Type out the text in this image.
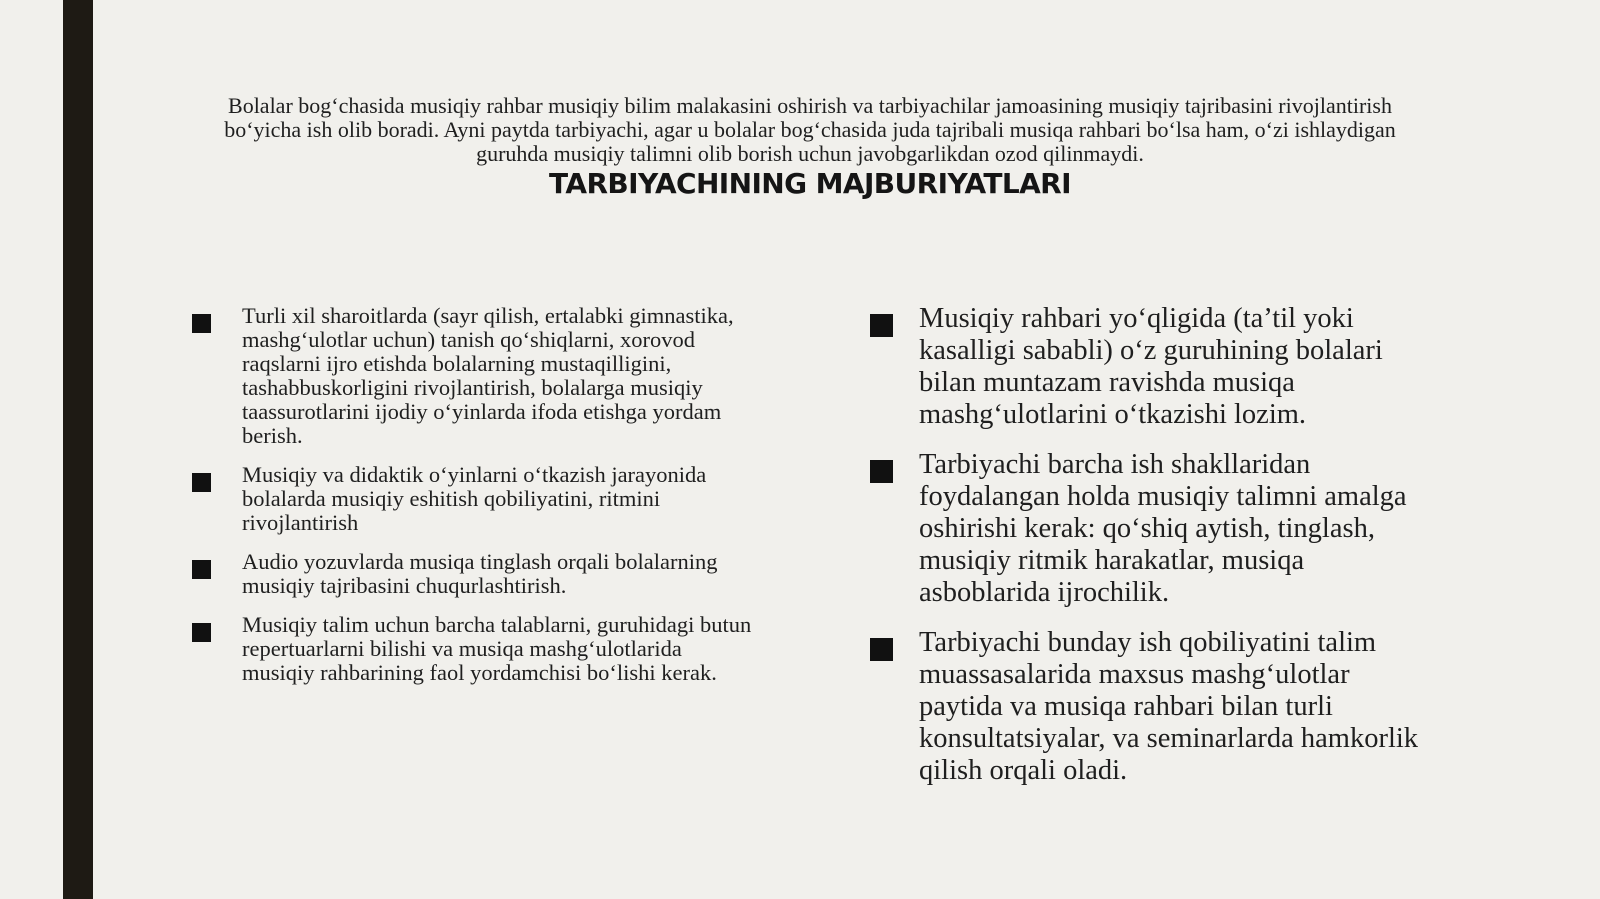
Bolalar bog‘chasida musiqiy rahbar musiqiy bilim malakasini oshirish va tarbiyachilar jamoasining musiqiy tajribasini rivojlantirish bo‘yicha ish olib boradi. Ayni paytda tarbiyachi, agar u bolalar bog‘chasida juda tajribali musiqa rahbari bo‘lsa ham, o‘zi ishlaydigan guruhda musiqiy talimni olib borish uchun javobgarlikdan ozod qilinmaydi.
TARBIYACHINING MAJBURIYATLARI
Turli xil sharoitlarda (sayr qilish, ertalabki gimnastika, mashg‘ulotlar uchun) tanish qo‘shiqlarni, xorovod raqslarni ijro etishda bolalarning mustaqilligini, tashabbuskorligini rivojlantirish, bolalarga musiqiy taassurotlarini ijodiy o‘yinlarda ifoda etishga yordam berish.
Musiqiy va didaktik o‘yinlarni o‘tkazish jarayonida bolalarda musiqiy eshitish qobiliyatini, ritmini rivojlantirish
Audio yozuvlarda musiqa tinglash orqali bolalarning musiqiy tajribasini chuqurlashtirish.
Musiqiy talim uchun barcha talablarni, guruhidagi butun repertuarlarni bilishi va musiqa mashg‘ulotlarida musiqiy rahbarining faol yordamchisi bo‘lishi kerak.
Musiqiy rahbari yo‘qligida (ta’til yoki kasalligi sababli) o‘z guruhining bolalari bilan muntazam ravishda musiqa mashg‘ulotlarini o‘tkazishi lozim.
Tarbiyachi barcha ish shakllaridan foydalangan holda musiqiy talimni amalga oshirishi kerak: qo‘shiq aytish, tinglash, musiqiy ritmik harakatlar, musiqa asboblarida ijrochilik.
Tarbiyachi bunday ish qobiliyatini talim muassasalarida maxsus mashg‘ulotlar paytida va musiqa rahbari bilan turli konsultatsiyalar, va seminarlarda hamkorlik qilish orqali oladi.
